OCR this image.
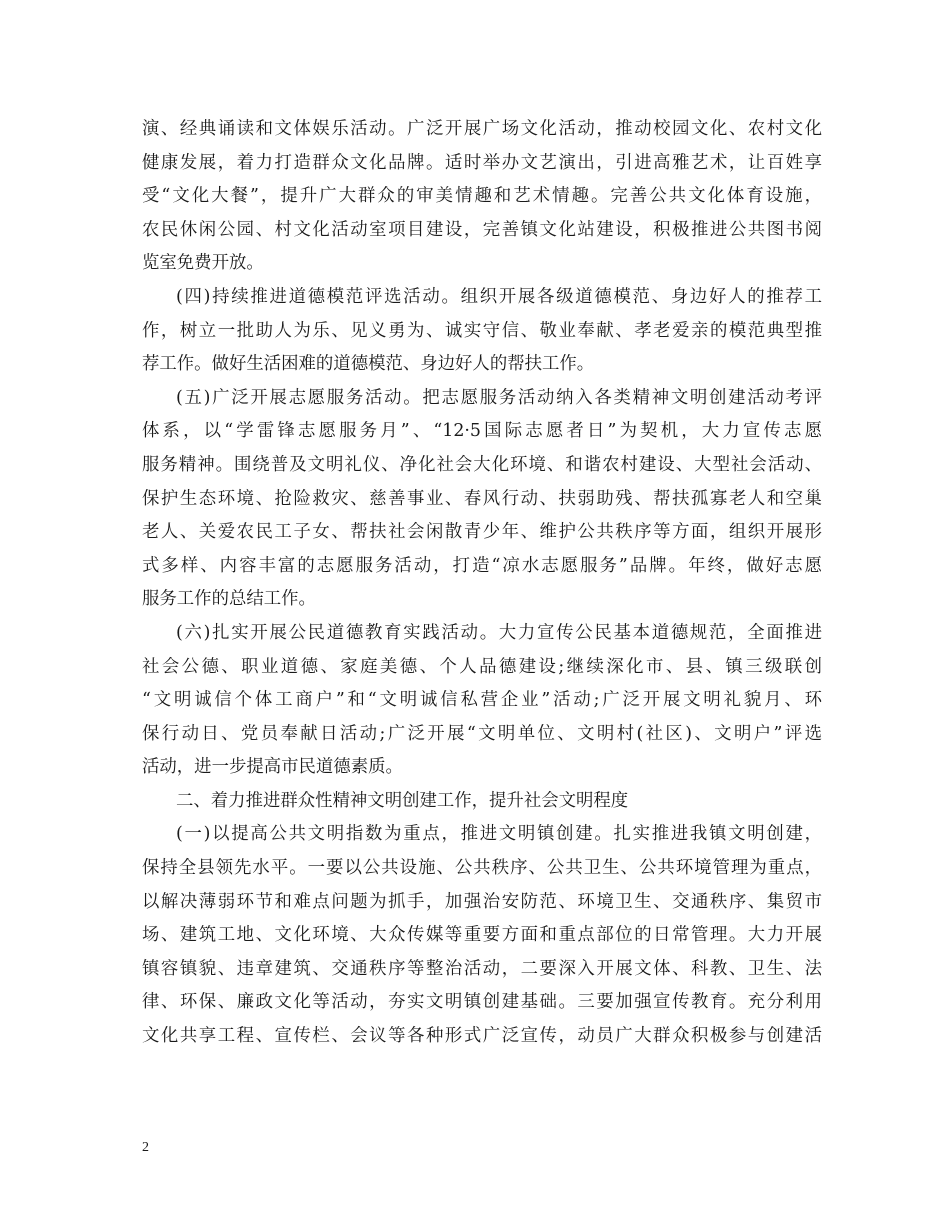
演、经典诵读和文体娱乐活动。广泛开展广场文化活动，推动校园文化、农村文化
健康发展，着力打造群众文化品牌。适时举办文艺演出，引进高雅艺术，让百姓享
受“文化大餐”，提升广大群众的审美情趣和艺术情趣。完善公共文化体育设施，
农民休闲公园、村文化活动室项目建设，完善镇文化站建设，积极推进公共图书阅
览室免费开放。
(四)持续推进道德模范评选活动。组织开展各级道德模范、身边好人的推荐工
作，树立一批助人为乐、见义勇为、诚实守信、敬业奉献、孝老爱亲的模范典型推
荐工作。做好生活困难的道德模范、身边好人的帮扶工作。
(五)广泛开展志愿服务活动。把志愿服务活动纳入各类精神文明创建活动考评
体系，以“学雷锋志愿服务月”、“12·5国际志愿者日”为契机，大力宣传志愿
服务精神。围绕普及文明礼仪、净化社会大化环境、和谐农村建设、大型社会活动、
保护生态环境、抢险救灾、慈善事业、春风行动、扶弱助残、帮扶孤寡老人和空巢
老人、关爱农民工子女、帮扶社会闲散青少年、维护公共秩序等方面，组织开展形
式多样、内容丰富的志愿服务活动，打造“凉水志愿服务”品牌。年终，做好志愿
服务工作的总结工作。
(六)扎实开展公民道德教育实践活动。大力宣传公民基本道德规范，全面推进
社会公德、职业道德、家庭美德、个人品德建设;继续深化市、县、镇三级联创
“文明诚信个体工商户”和“文明诚信私营企业”活动;广泛开展文明礼貌月、环
保行动日、党员奉献日活动;广泛开展“文明单位、文明村(社区)、文明户”评选
活动，进一步提高市民道德素质。
二、着力推进群众性精神文明创建工作，提升社会文明程度
(一)以提高公共文明指数为重点，推进文明镇创建。扎实推进我镇文明创建，
保持全县领先水平。一要以公共设施、公共秩序、公共卫生、公共环境管理为重点，
以解决薄弱环节和难点问题为抓手，加强治安防范、环境卫生、交通秩序、集贸市
场、建筑工地、文化环境、大众传媒等重要方面和重点部位的日常管理。大力开展
镇容镇貌、违章建筑、交通秩序等整治活动，二要深入开展文体、科教、卫生、法
律、环保、廉政文化等活动，夯实文明镇创建基础。三要加强宣传教育。充分利用
文化共享工程、宣传栏、会议等各种形式广泛宣传，动员广大群众积极参与创建活
2
